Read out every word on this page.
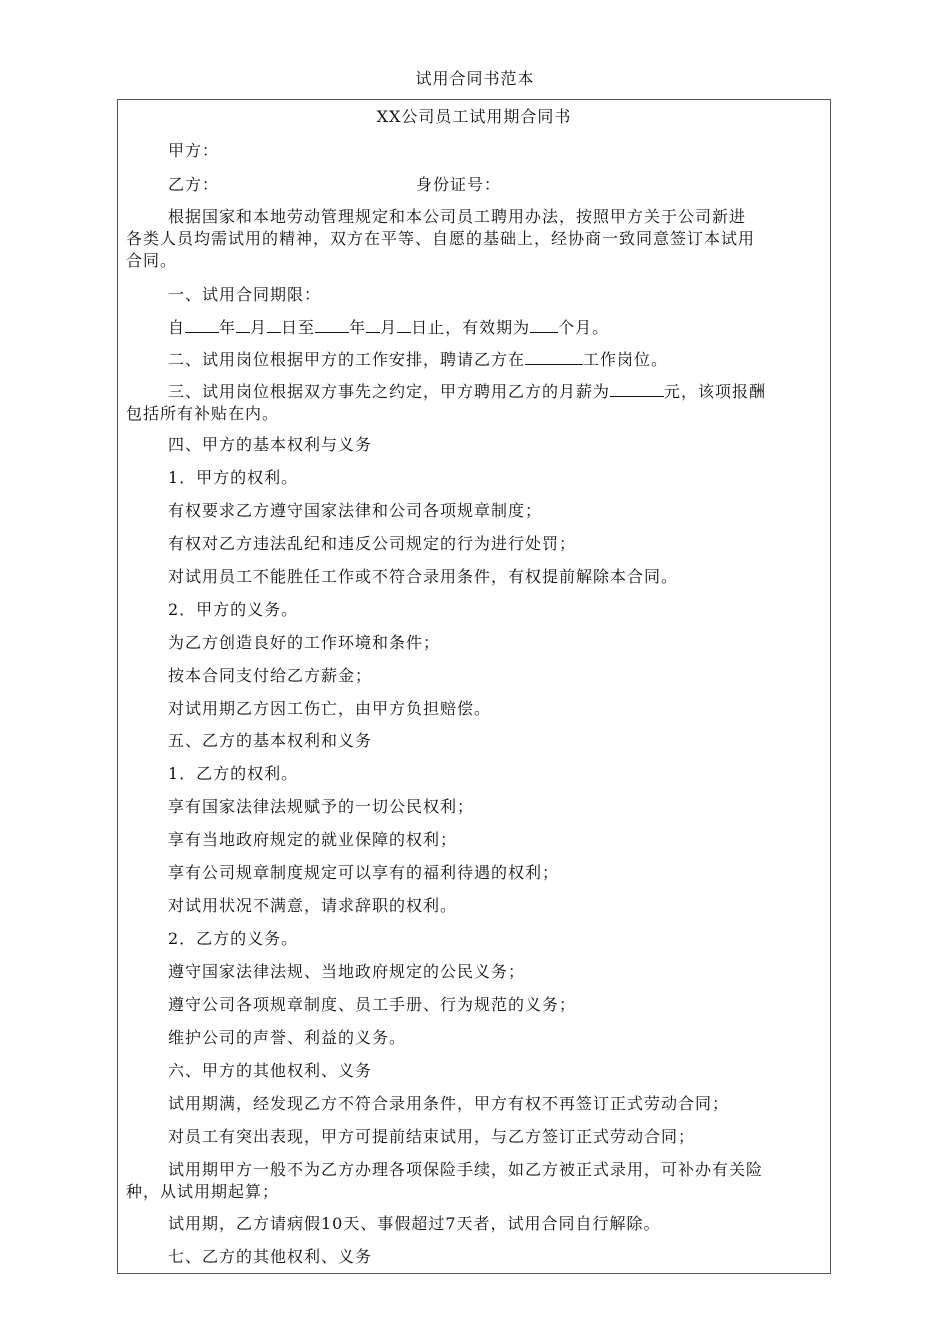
试用合同书范本
XX公司员工试用期合同书
甲方：
乙方：	身份证号：
根据国家和本地劳动管理规定和本公司员工聘用办法，按照甲方关于公司新进
各类人员均需试用的精神，双方在平等、自愿的基础上，经协商一致同意签订本试用
合同。
一、试用合同期限：
自 年 月 日至 年 月 日止，有效期为 个月。
二、试用岗位根据甲方的工作安排，聘请乙方在	工作岗位。
三、试用岗位根据双方事先之约定，甲方聘用乙方的月薪为	元，该项报酬
包括所有补贴在内。
四、甲方的基本权利与义务
1．甲方的权利。
有权要求乙方遵守国家法律和公司各项规章制度；
有权对乙方违法乱纪和违反公司规定的行为进行处罚；
对试用员工不能胜任工作或不符合录用条件，有权提前解除本合同。
2．甲方的义务。
为乙方创造良好的工作环境和条件；
按本合同支付给乙方薪金；
对试用期乙方因工伤亡，由甲方负担赔偿。
五、乙方的基本权利和义务
1．乙方的权利。
享有国家法律法规赋予的一切公民权利；
享有当地政府规定的就业保障的权利；
享有公司规章制度规定可以享有的福利待遇的权利；
对试用状况不满意，请求辞职的权利。
2．乙方的义务。
遵守国家法律法规、当地政府规定的公民义务；
遵守公司各项规章制度、员工手册、行为规范的义务；
维护公司的声誉、利益的义务。
六、甲方的其他权利、义务
试用期满，经发现乙方不符合录用条件，甲方有权不再签订正式劳动合同；
对员工有突出表现，甲方可提前结束试用，与乙方签订正式劳动合同；
试用期甲方一般不为乙方办理各项保险手续，如乙方被正式录用，可补办有关险
种，从试用期起算；
试用期，乙方请病假10天、事假超过7天者，试用合同自行解除。
七、乙方的其他权利、义务
